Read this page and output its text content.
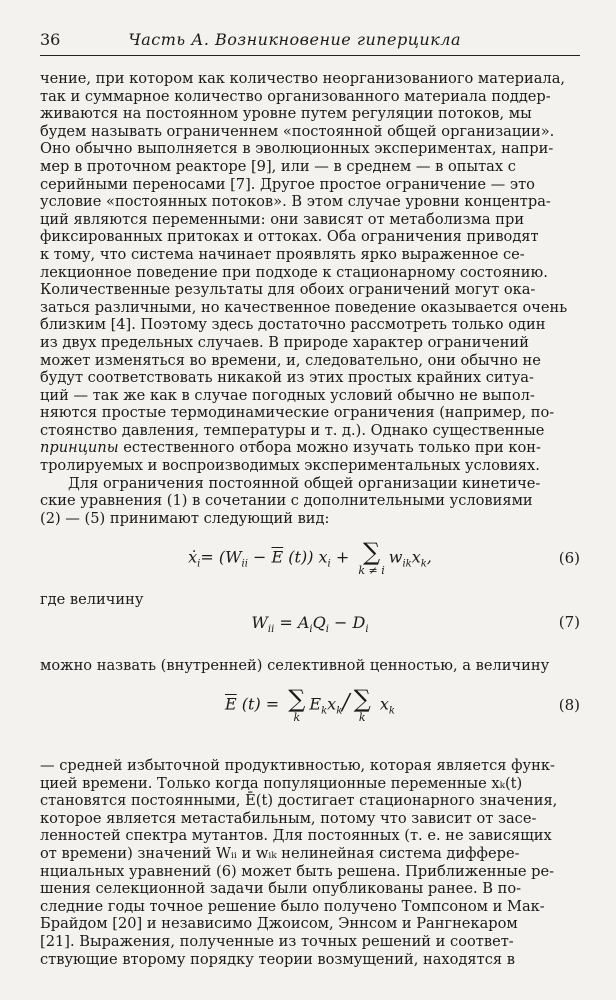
36	Часть А. Возникновение гиперцикла
чение, при котором как количество неорганизованиого материала,
так и суммарное количество организованного материала поддер-
живаются на постоянном уровне путем регуляции потоков, мы
будем называть ограниченнем «постоянной общей организации».
Оно обычно выполняется в эволюционных экспериментах, напри-
мер в проточном реакторе [9], или — в среднем — в опытах с
серийными переносами [7]. Другое простое ограничение — это
условие «постоянных потоков». В этом случае уровни концентра-
ций являются переменными: они зависят от метаболизма при
фиксированных притоках и оттоках. Оба ограничения приводят
к тому, что система начинает проявлять ярко выраженное се-
лекционное поведение при подходе к стационарному состоянию.
Количественные результаты для обоих ограничений могут ока-
заться различными, но качественное поведение оказывается очень
близким [4]. Поэтому здесь достаточно рассмотреть только один
из двух предельных случаев. В природе характер ограничений
может изменяться во времени, и, следовательно, они обычно не
будут соответствовать никакой из этих простых крайних ситуа-
ций — так же как в случае погодных условий обычно не выпол-
няются простые термодинамические ограничения (например, по-
стоянство давления, температуры и т. д.). Однако существенные
принципы естественного отбора можно изучать только при кон-
тролируемых и воспроизводимых экспериментальных условиях.
Для ограничения постоянной общей организации кинетиче-
ские уравнения (1) в сочетании с дополнительными условиями
(2) — (5) принимают следующий вид:
ẋ$_i$= ($W_{ii} - \overline{E}$ (t)) $x_i$ + ∑
k ≠ i
$w_{ik}x_k$,	(6)
где величину
$W_{ii} = A_iQ_i - D_i$	(7)
можно назвать (внутренней) селективной ценностью, а величину
$\overline{E}$ (t) = ∑
k
$E_kx_k/$ ∑
k
$x_k$	(8)
— средней избыточной продуктивностью, которая является функ-
цией времени. Только когда популяционные переменные xₖ(t)
становятся постоянными, Ē(t) достигает стационарного значения,
которое является метастабильным, потому что зависит от засе-
ленностей спектра мутантов. Для постоянных (т. е. не зависящих
от времени) значений Wᵢᵢ и wᵢₖ нелинейная система диффере-
нциальных уравнений (6) может быть решена. Приближенные ре-
шения селекционной задачи были опубликованы ранее. В по-
следние годы точное решение было получено Томпсоном и Мак-
Брайдом [20] и независимо Джоисом, Эннсом и Рангнекаром
[21]. Выражения, полученные из точных решений и соответ-
ствующие второму порядку теории возмущений, находятся в
